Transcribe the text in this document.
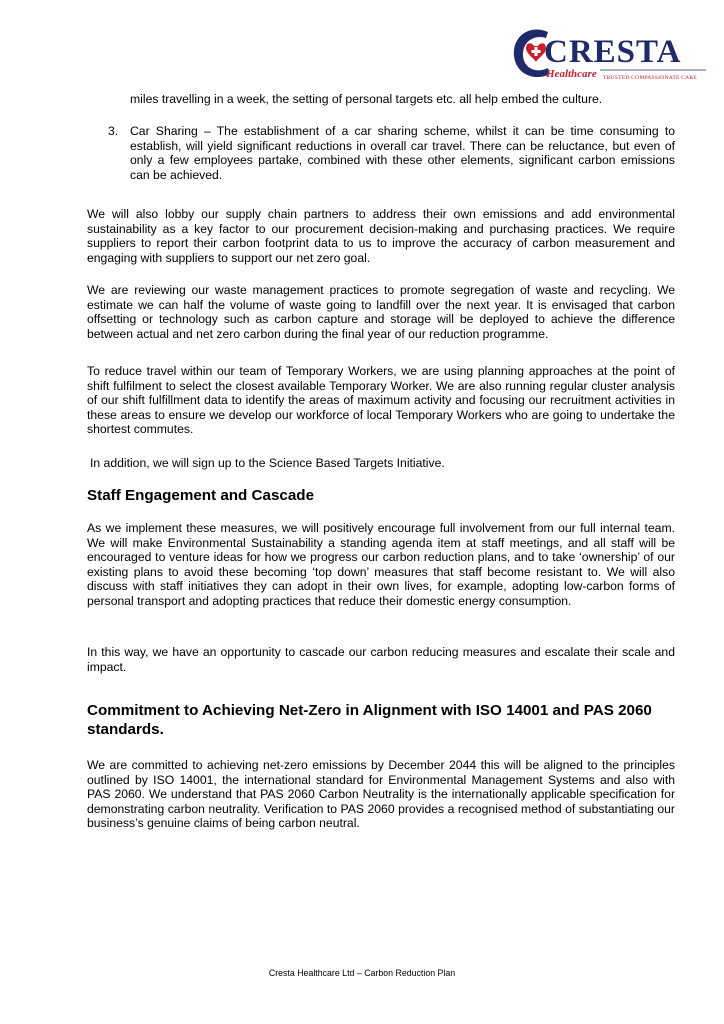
CRESTA
Healthcare TRUSTED COMPASSIONATE CARE

miles travelling in a week, the setting of personal targets etc. all help embed the culture.

3. Car Sharing – The establishment of a car sharing scheme, whilst it can be time consuming to establish, will yield significant reductions in overall car travel. There can be reluctance, but even of only a few employees partake, combined with these other elements, significant carbon emissions can be achieved.

We will also lobby our supply chain partners to address their own emissions and add environmental sustainability as a key factor to our procurement decision-making and purchasing practices. We require suppliers to report their carbon footprint data to us to improve the accuracy of carbon measurement and engaging with suppliers to support our net zero goal.

We are reviewing our waste management practices to promote segregation of waste and recycling. We estimate we can half the volume of waste going to landfill over the next year. It is envisaged that carbon offsetting or technology such as carbon capture and storage will be deployed to achieve the difference between actual and net zero carbon during the final year of our reduction programme.

To reduce travel within our team of Temporary Workers, we are using planning approaches at the point of shift fulfilment to select the closest available Temporary Worker. We are also running regular cluster analysis of our shift fulfillment data to identify the areas of maximum activity and focusing our recruitment activities in these areas to ensure we develop our workforce of local Temporary Workers who are going to undertake the shortest commutes.

In addition, we will sign up to the Science Based Targets Initiative.

Staff Engagement and Cascade

As we implement these measures, we will positively encourage full involvement from our full internal team. We will make Environmental Sustainability a standing agenda item at staff meetings, and all staff will be encouraged to venture ideas for how we progress our carbon reduction plans, and to take ‘ownership’ of our existing plans to avoid these becoming ‘top down’ measures that staff become resistant to. We will also discuss with staff initiatives they can adopt in their own lives, for example, adopting low-carbon forms of personal transport and adopting practices that reduce their domestic energy consumption.

In this way, we have an opportunity to cascade our carbon reducing measures and escalate their scale and impact.

Commitment to Achieving Net-Zero in Alignment with ISO 14001 and PAS 2060 standards.

We are committed to achieving net-zero emissions by December 2044 this will be aligned to the principles outlined by ISO 14001, the international standard for Environmental Management Systems and also with PAS 2060. We understand that PAS 2060 Carbon Neutrality is the internationally applicable specification for demonstrating carbon neutrality. Verification to PAS 2060 provides a recognised method of substantiating our business’s genuine claims of being carbon neutral.

Cresta Healthcare Ltd – Carbon Reduction Plan
